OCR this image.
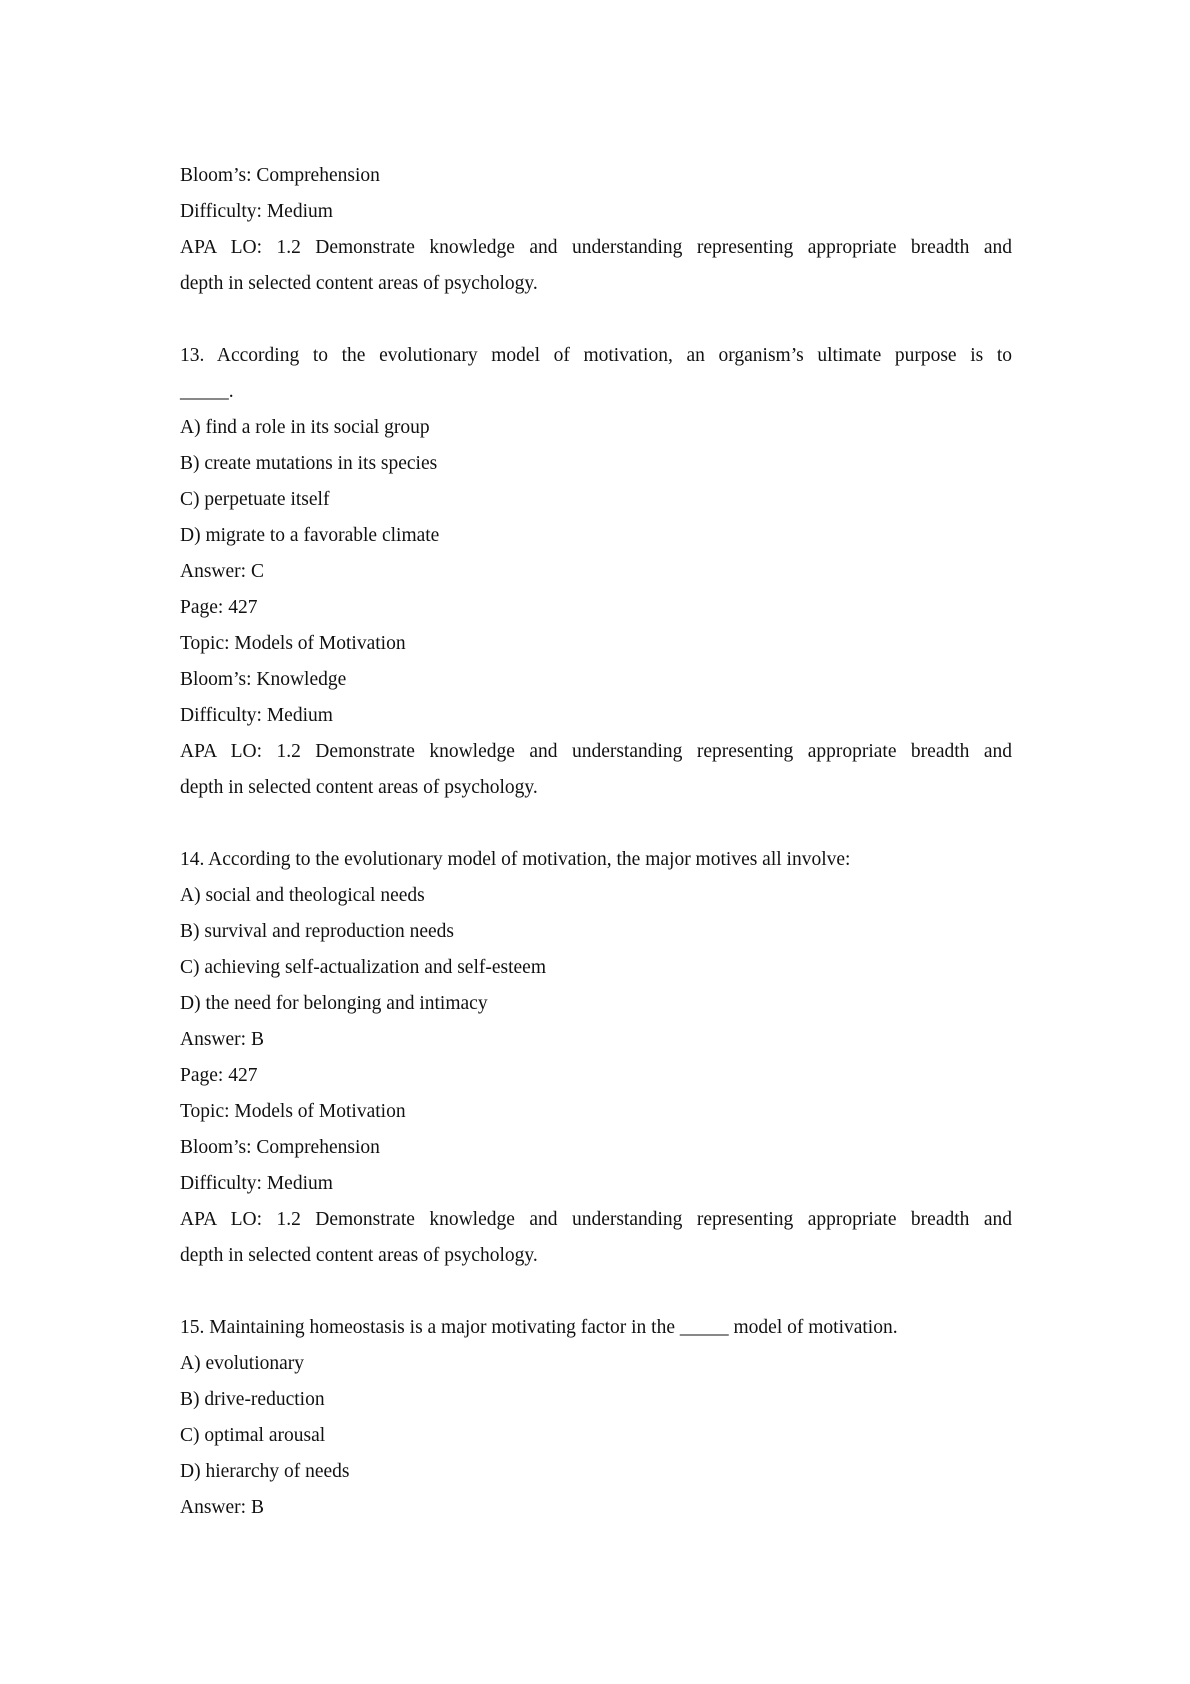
Bloom’s: Comprehension
Difficulty: Medium
APA LO: 1.2 Demonstrate knowledge and understanding representing appropriate breadth and
depth in selected content areas of psychology.
13. According to the evolutionary model of motivation, an organism’s ultimate purpose is to
_____.
A) find a role in its social group
B) create mutations in its species
C) perpetuate itself
D) migrate to a favorable climate
Answer: C
Page: 427
Topic: Models of Motivation
Bloom’s: Knowledge
Difficulty: Medium
APA LO: 1.2 Demonstrate knowledge and understanding representing appropriate breadth and
depth in selected content areas of psychology.
14. According to the evolutionary model of motivation, the major motives all involve:
A) social and theological needs
B) survival and reproduction needs
C) achieving self-actualization and self-esteem
D) the need for belonging and intimacy
Answer: B
Page: 427
Topic: Models of Motivation
Bloom’s: Comprehension
Difficulty: Medium
APA LO: 1.2 Demonstrate knowledge and understanding representing appropriate breadth and
depth in selected content areas of psychology.
15. Maintaining homeostasis is a major motivating factor in the _____ model of motivation.
A) evolutionary
B) drive-reduction
C) optimal arousal
D) hierarchy of needs
Answer: B
